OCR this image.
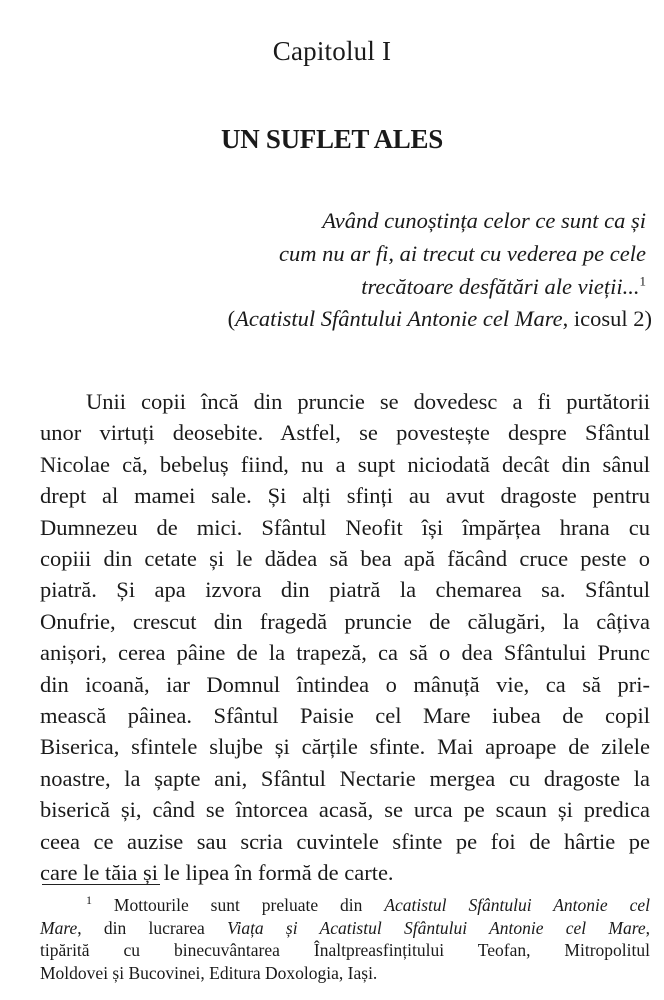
Capitolul I
UN SUFLET ALES
Având cunoștința celor ce sunt ca și
cum nu ar fi, ai trecut cu vederea pe cele
trecătoare desfătări ale vieții...$^1$
(Acatistul Sfântului Antonie cel Mare, icosul 2)
Unii copii încă din pruncie se dovedesc a fi purtătorii
unor virtuți deosebite. Astfel, se povestește despre Sfântul
Nicolae că, bebeluș fiind, nu a supt niciodată decât din sânul
drept al mamei sale. Și alți sfinți au avut dragoste pentru
Dumnezeu de mici. Sfântul Neofit își împărțea hrana cu
copiii din cetate și le dădea să bea apă făcând cruce peste o
piatră. Și apa izvora din piatră la chemarea sa. Sfântul
Onufrie, crescut din fragedă pruncie de călugări, la câțiva
anișori, cerea pâine de la trapeză, ca să o dea Sfântului Prunc
din icoană, iar Domnul întindea o mânuță vie, ca să pri-
mească pâinea. Sfântul Paisie cel Mare iubea de copil
Biserica, sfintele slujbe și cărțile sfinte. Mai aproape de zilele
noastre, la șapte ani, Sfântul Nectarie mergea cu dragoste la
biserică și, când se întorcea acasă, se urca pe scaun și predica
ceea ce auzise sau scria cuvintele sfinte pe foi de hârtie pe
care le tăia și le lipea în formă de carte.
$^1$ Mottourile sunt preluate din Acatistul Sfântului Antonie cel
Mare, din lucrarea Viața și Acatistul Sfântului Antonie cel Mare,
tipărită cu binecuvântarea Înaltpreasfințitului Teofan, Mitropolitul
Moldovei și Bucovinei, Editura Doxologia, Iași.
